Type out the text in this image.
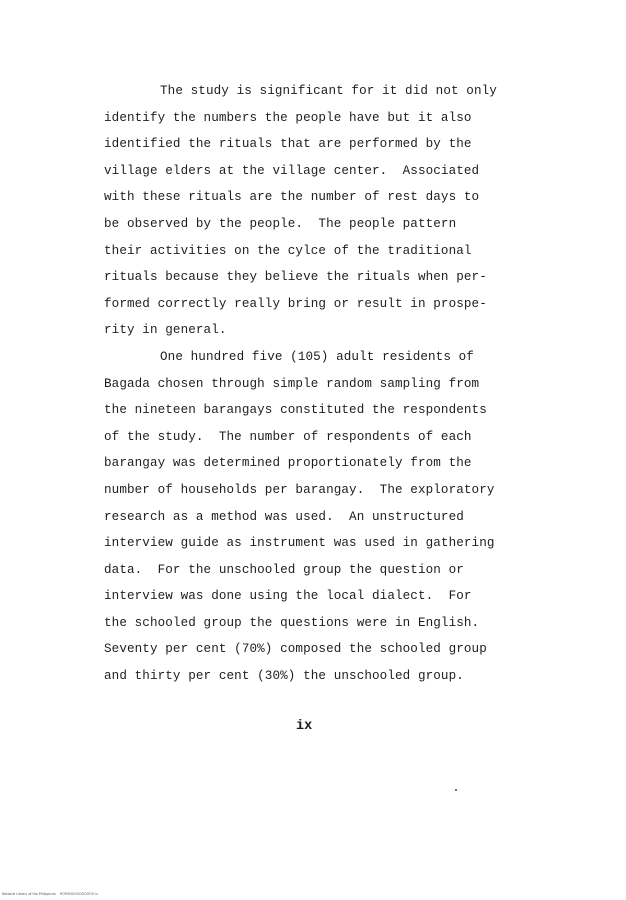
The study is significant for it did not only
identify the numbers the people have but it also
identified the rituals that are performed by the
village elders at the village center.  Associated
with these rituals are the number of rest days to
be observed by the people.  The people pattern
their activities on the cylce of the traditional
rituals because they believe the rituals when per-
formed correctly really bring or result in prospe-
rity in general.
One hundred five (105) adult residents of
Bagada chosen through simple random sampling from
the nineteen barangays constituted the respondents
of the study.  The number of respondents of each
barangay was determined proportionately from the
number of households per barangay.  The exploratory
research as a method was used.  An unstructured
interview guide as instrument was used in gathering
data.  For the unschooled group the question or
interview was done using the local dialect.  For
the schooled group the questions were in English.
Seventy per cent (70%) composed the schooled group
and thirty per cent (30%) the unschooled group.
ix
National Library of the Philippines    ROPODOOOOOOOOO ix
